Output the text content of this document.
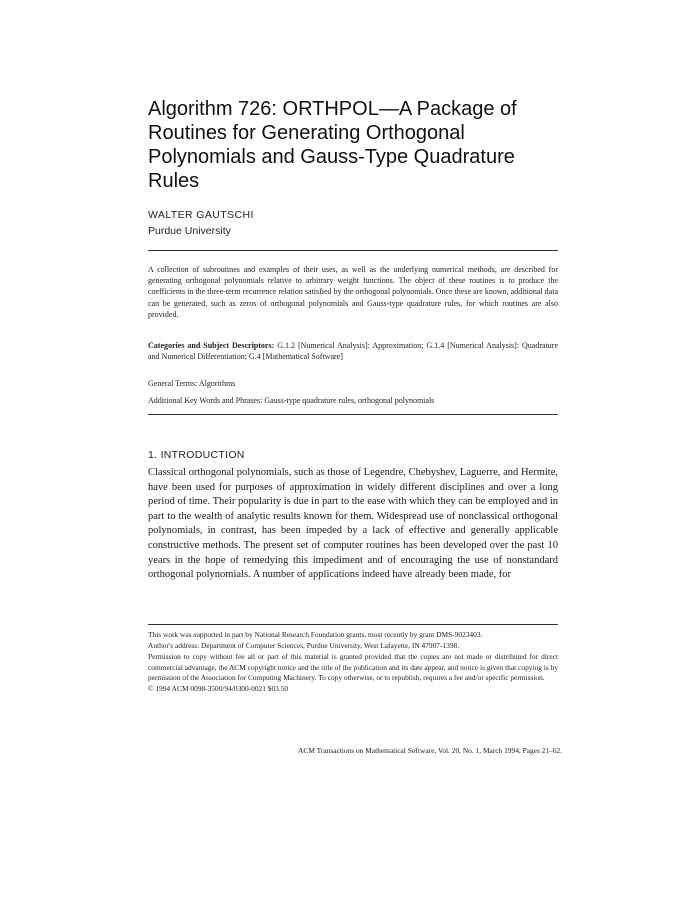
Algorithm 726: ORTHPOL—A Package of Routines for Generating Orthogonal Polynomials and Gauss-Type Quadrature Rules
WALTER GAUTSCHI
Purdue University

A collection of subroutines and examples of their uses, as well as the underlying numerical methods, are described for generating orthogonal polynomials relative to arbitrary weight functions. The object of these routines is to produce the coefficients in the three-term recurrence relation satisfied by the orthogonal polynomials. Once these are known, additional data can be generated, such as zeros of orthogonal polynomials and Gauss-type quadrature rules, for which routines are also provided.

Categories and Subject Descriptors: G.1.2 [Numerical Analysis]: Approximation; G.1.4 [Numerical Analysis]: Quadrature and Numerical Differentiation; G.4 [Mathematical Software]

General Terms: Algorithms

Additional Key Words and Phrases: Gauss-type quadrature rules, orthogonal polynomials

1. INTRODUCTION

Classical orthogonal polynomials, such as those of Legendre, Chebyshev, Laguerre, and Hermite, have been used for purposes of approximation in widely different disciplines and over a long period of time. Their popularity is due in part to the ease with which they can be employed and in part to the wealth of analytic results known for them. Widespread use of nonclassical orthogonal polynomials, in contrast, has been impeded by a lack of effective and generally applicable constructive methods. The present set of computer routines has been developed over the past 10 years in the hope of remedying this impediment and of encouraging the use of nonstandard orthogonal polynomials. A number of applications indeed have already been made, for

This work was supported in part by National Research Foundation grants, most recently by grant DMS-9023403.

Author's address: Department of Computer Sciences, Purdue University, West Lafayette, IN 47907-1398.

Permission to copy without fee all or part of this material is granted provided that the copies are not made or distributed for direct commercial advantage, the ACM copyright notice and the title of the publication and its date appear, and notice is given that copying is by permission of the Association for Computing Machinery. To copy otherwise, or to republish, requires a fee and/or specific permission.

© 1994 ACM 0098-3500/94/0300-0021 $03.50

ACM Transactions on Mathematical Software, Vol. 20, No. 1, March 1994, Pages 21–62.
